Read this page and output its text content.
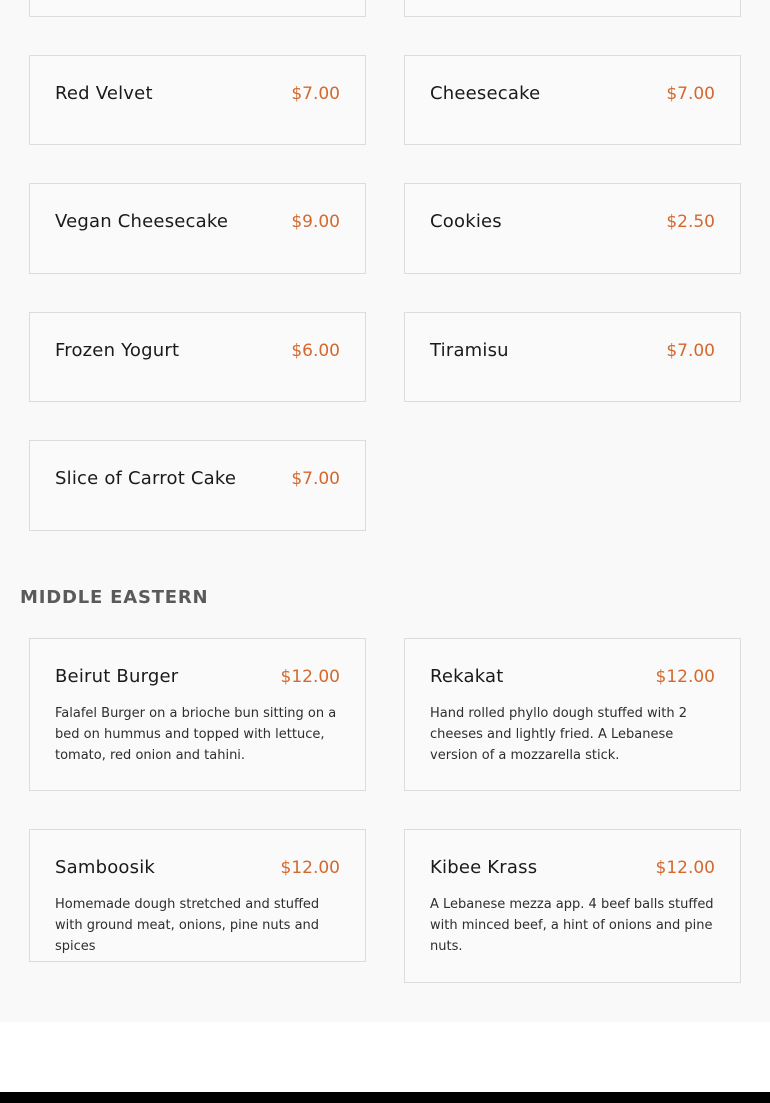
Red Velvet	$7.00	Cheesecake	$7.00
Vegan Cheesecake	$9.00	Cookies	$2.50
Frozen Yogurt	$6.00	Tiramisu	$7.00
Slice of Carrot Cake	$7.00
MIDDLE EASTERN
Beirut Burger	$12.00
Falafel Burger on a brioche bun sitting on a bed on hummus and topped with lettuce, tomato, red onion and tahini.
Rekakat	$12.00
Hand rolled phyllo dough stuffed with 2 cheeses and lightly fried. A Lebanese version of a mozzarella stick.
Samboosik	$12.00
Homemade dough stretched and stuffed with ground meat, onions, pine nuts and spices
Kibee Krass	$12.00
A Lebanese mezza app. 4 beef balls stuffed with minced beef, a hint of onions and pine nuts.
